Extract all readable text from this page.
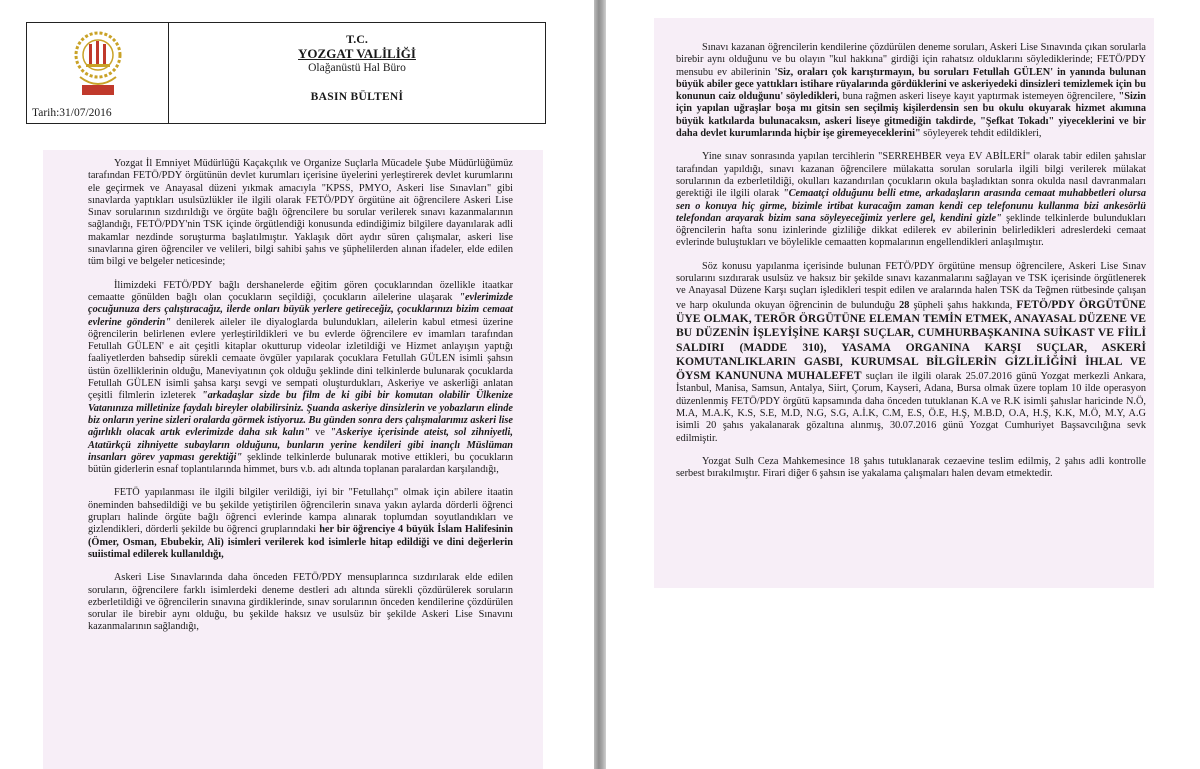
Tarih:31/07/2016
T.C.
YOZGAT VALİLİĞİ
Olağanüstü Hal Büro
BASIN BÜLTENİ

Yozgat İl Emniyet Müdürlüğü Kaçakçılık ve Organize Suçlarla Mücadele Şube Müdürlüğümüz tarafından FETÖ/PDY örgütünün devlet kurumları içerisine üyelerini yerleştirerek devlet kurumlarını ele geçirmek ve Anayasal düzeni yıkmak amacıyla "KPSS, PMYO, Askeri lise Sınavları" gibi sınavlarda yaptıkları usulsüzlükler ile ilgili olarak FETÖ/PDY örgütüne ait öğrencilere Askeri Lise Sınav sorularının sızdırıldığı ve örgüte bağlı öğrencilere bu sorular verilerek sınavı kazanmalarının sağlandığı, FETÖ/PDY'nin TSK içinde örgütlendiği konusunda edindiğimiz bilgilere dayanılarak adli makamlar nezdinde soruşturma başlatılmıştır. Yaklaşık dört aydır süren çalışmalar, askeri lise sınavlarına giren öğrenciler ve velileri, bilgi sahibi şahıs ve şüphelilerden alınan ifadeler, elde edilen tüm bilgi ve belgeler neticesinde;

İlimizdeki FETÖ/PDY bağlı dershanelerde eğitim gören çocuklarından özellikle itaatkar cemaatte gönülden bağlı olan çocukların seçildiği, çocukların ailelerine ulaşarak "evlerimizde çocuğunuza ders çalıştıracağız, ilerde onları büyük yerlere getireceğiz, çocuklarınızı bizim cemaat evlerine gönderin" denilerek aileler ile diyaloglarda bulundukları, ailelerin kabul etmesi üzerine öğrencilerin belirlenen evlere yerleştirildikleri ve bu evlerde öğrencilere ev imamları tarafından Fetullah GÜLEN' e ait çeşitli kitaplar okutturup videolar izletildiği ve Hizmet anlayışın yaptığı faaliyetlerden bahsedip sürekli cemaate övgüler yapılarak çocuklara Fetullah GÜLEN isimli şahsın üstün özelliklerinin olduğu, Maneviyatının çok olduğu şeklinde dini telkinlerde bulunarak çocuklarda Fetullah GÜLEN isimli şahsa karşı sevgi ve sempati oluşturdukları, Askeriye ve askerliği anlatan çeşitli filmlerin izleterek "arkadaşlar sizde bu film de ki gibi bir komutan olabilir Ülkenize Vatanınıza milletinize faydalı bireyler olabilirsiniz. Şuanda askeriye dinsizlerin ve yobazların elinde biz onların yerine sizleri oralarda görmek istiyoruz. Bu günden sonra ders çalışmalarımız askeri lise ağırlıklı olacak artık evlerimizde daha sık kalın" ve "Askeriye içerisinde ateist, sol zihniyetli, Atatürkçü zihniyette subayların olduğunu, bunların yerine kendileri gibi inançlı Müslüman insanları görev yapması gerektiği" şeklinde telkinlerde bulunarak motive ettikleri, bu çocukların bütün giderlerin esnaf toplantılarında himmet, burs v.b. adı altında toplanan paralardan karşılandığı,

FETÖ yapılanması ile ilgili bilgiler verildiği, iyi bir "Fetullahçı" olmak için abilere itaatin öneminden bahsedildiği ve bu şekilde yetiştirilen öğrencilerin sınava yakın aylarda dörderli öğrenci grupları halinde örgüte bağlı öğrenci evlerinde kampa alınarak toplumdan soyutlandıkları ve gizlendikleri, dörderli şekilde bu öğrenci gruplarındaki her bir öğrenciye 4 büyük İslam Halifesinin (Ömer, Osman, Ebubekir, Ali) isimleri verilerek kod isimlerle hitap edildiği ve dini değerlerin suiistimal edilerek kullanıldığı,

Askeri Lise Sınavlarında daha önceden FETÖ/PDY mensuplarınca sızdırılarak elde edilen soruların, öğrencilere farklı isimlerdeki deneme destleri adı altında sürekli çözdürülerek soruların ezberletildiği ve öğrencilerin sınavına girdiklerinde, sınav sorularının önceden kendilerine çözdürülen sorular ile birebir aynı olduğu, bu şekilde haksız ve usulsüz bir şekilde Askeri Lise Sınavını kazanmalarının sağlandığı,

Sınavı kazanan öğrencilerin kendilerine çözdürülen deneme soruları, Askeri Lise Sınavında çıkan sorularla birebir aynı olduğunu ve bu olayın "kul hakkına" girdiği için rahatsız olduklarını söylediklerinde; FETÖ/PDY mensubu ev abilerinin 'Siz, oraları çok karıştırmayın, bu soruları Fetullah GÜLEN' in yanında bulunan büyük abiler gece yattıkları istihare rüyalarında gördüklerini ve askeriyedeki dinsizleri temizlemek için bu konunun caiz olduğunu' söyledikleri, buna rağmen askeri liseye kayıt yaptırmak istemeyen öğrencilere, "Sizin için yapılan uğraşlar boşa mı gitsin sen seçilmiş kişilerdensin sen bu okulu okuyarak hizmet akımına büyük katkılarda bulunacaksın, askeri liseye gitmediğin takdirde, "Şefkat Tokadı" yiyeceklerini ve bir daha devlet kurumlarında hiçbir işe giremeyeceklerini" söyleyerek tehdit edildikleri,

Yine sınav sonrasında yapılan tercihlerin "SERREHBER veya EV ABİLERİ" olarak tabir edilen şahıslar tarafından yapıldığı, sınavı kazanan öğrencilere mülakatta sorulan sorularla ilgili bilgi verilerek mülakat sorularının da ezberletildiği, okulları kazandırılan çocukların okula başladıktan sonra okulda nasıl davranmaları gerektiği ile ilgili olarak "Cemaatçi olduğunu belli etme, arkadaşların arasında cemaat muhabbetleri olursa sen o konuya hiç girme, bizimle irtibat kuracağın zaman kendi cep telefonunu kullanma bizi ankesörlü telefondan arayarak bizim sana söyleyeceğimiz yerlere gel, kendini gizle" şeklinde telkinlerde bulundukları öğrencilerin hafta sonu izinlerinde gizliliğe dikkat edilerek ev abilerinin belirledikleri adreslerdeki cemaat evlerinde buluştukları ve böylelikle cemaatten kopmalarının engellendikleri anlaşılmıştır.

Söz konusu yapılanma içerisinde bulunan FETÖ/PDY örgütüne mensup öğrencilere, Askeri Lise Sınav sorularını sızdırarak usulsüz ve haksız bir şekilde sınavı kazanmalarını sağlayan ve TSK içerisinde örgütlenerek ve Anayasal Düzene Karşı suçları işledikleri tespit edilen ve aralarında halen TSK da Teğmen rütbesinde çalışan ve harp okulunda okuyan öğrencinin de bulunduğu 28 şüpheli şahıs hakkında, FETÖ/PDY ÖRGÜTÜNE ÜYE OLMAK, TERÖR ÖRGÜTÜNE ELEMAN TEMİN ETMEK, ANAYASAL DÜZENE VE BU DÜZENİN İŞLEYİŞİNE KARŞI SUÇLAR, CUMHURBAŞKANINA SUİKAST VE FİİLİ SALDIRI (MADDE 310), YASAMA ORGANINA KARŞI SUÇLAR, ASKERİ KOMUTANLIKLARIN GASBI, KURUMSAL BİLGİLERİN GİZLİLİĞİNİ İHLAL VE ÖYSM KANUNUNA MUHALEFET suçları ile ilgili olarak 25.07.2016 günü Yozgat merkezli Ankara, İstanbul, Manisa, Samsun, Antalya, Siirt, Çorum, Kayseri, Adana, Bursa olmak üzere toplam 10 ilde operasyon düzenlenmiş FETÖ/PDY örgütü kapsamında daha önceden tutuklanan K.A ve R.K isimli şahıslar haricinde N.Ö, M.A, M.A.K, K.S, S.E, M.D, N.G, S.G, A.İ.K, C.M, E.S, Ö.E, H.Ş, M.B.D, O.A, H.Ş, K.K, M.Ö, M.Y, A.G isimli 20 şahıs yakalanarak gözaltına alınmış, 30.07.2016 günü Yozgat Cumhuriyet Başsavcılığına sevk edilmiştir.

Yozgat Sulh Ceza Mahkemesince 18 şahıs tutuklanarak cezaevine teslim edilmiş, 2 şahıs adli kontrolle serbest bırakılmıştır. Firari diğer 6 şahsın ise yakalama çalışmaları halen devam etmektedir.
